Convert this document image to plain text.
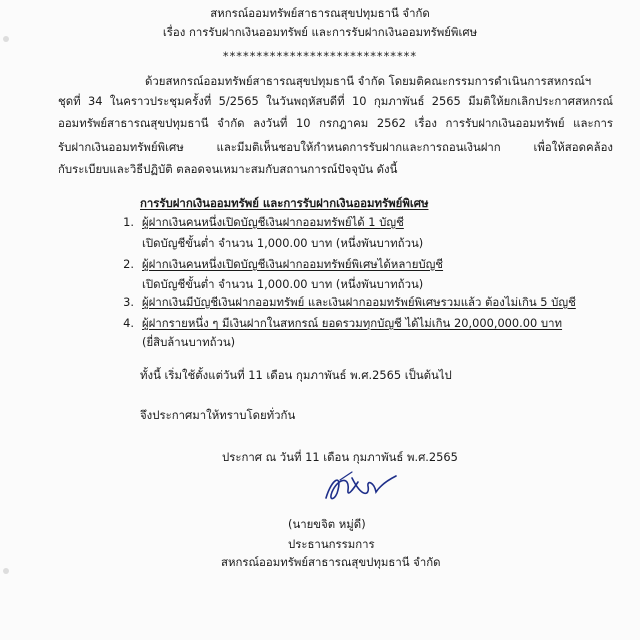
สหกรณ์ออมทรัพย์สาธารณสุขปทุมธานี จำกัด
เรื่อง การรับฝากเงินออมทรัพย์ และการรับฝากเงินออมทรัพย์พิเศษ
*****************************
ด้วยสหกรณ์ออมทรัพย์สาธารณสุขปทุมธานี จำกัด โดยมติคณะกรรมการดำเนินการสหกรณ์ฯ
ชุดที่ 34 ในคราวประชุมครั้งที่ 5/2565 ในวันพฤหัสบดีที่ 10 กุมภาพันธ์ 2565 มีมติให้ยกเลิกประกาศสหกรณ์
ออมทรัพย์สาธารณสุขปทุมธานี จำกัด ลงวันที่ 10 กรกฎาคม 2562 เรื่อง การรับฝากเงินออมทรัพย์ และการ
รับฝากเงินออมทรัพย์พิเศษ และมีมติเห็นชอบให้กำหนดการรับฝากและการถอนเงินฝาก เพื่อให้สอดคล้อง
กับระเบียบและวิธีปฏิบัติ ตลอดจนเหมาะสมกับสถานการณ์ปัจจุบัน ดังนี้
การรับฝากเงินออมทรัพย์ และการรับฝากเงินออมทรัพย์พิเศษ
1. ผู้ฝากเงินคนหนึ่งเปิดบัญชีเงินฝากออมทรัพย์ได้ 1 บัญชี
เปิดบัญชีขั้นต่ำ จำนวน 1,000.00 บาท (หนึ่งพันบาทถ้วน)
2. ผู้ฝากเงินคนหนึ่งเปิดบัญชีเงินฝากออมทรัพย์พิเศษได้หลายบัญชี
เปิดบัญชีขั้นต่ำ จำนวน 1,000.00 บาท (หนึ่งพันบาทถ้วน)
3. ผู้ฝากเงินมีบัญชีเงินฝากออมทรัพย์ และเงินฝากออมทรัพย์พิเศษรวมแล้ว ต้องไม่เกิน 5 บัญชี
4. ผู้ฝากรายหนึ่ง ๆ มีเงินฝากในสหกรณ์ ยอดรวมทุกบัญชี ได้ไม่เกิน 20,000,000.00 บาท
(ยี่สิบล้านบาทถ้วน)
ทั้งนี้ เริ่มใช้ตั้งแต่วันที่ 11 เดือน กุมภาพันธ์ พ.ศ.2565 เป็นต้นไป
จึงประกาศมาให้ทราบโดยทั่วกัน
ประกาศ ณ วันที่ 11 เดือน กุมภาพันธ์ พ.ศ.2565
(นายขจิต หมู่ดี)
ประธานกรรมการ
สหกรณ์ออมทรัพย์สาธารณสุขปทุมธานี จำกัด
